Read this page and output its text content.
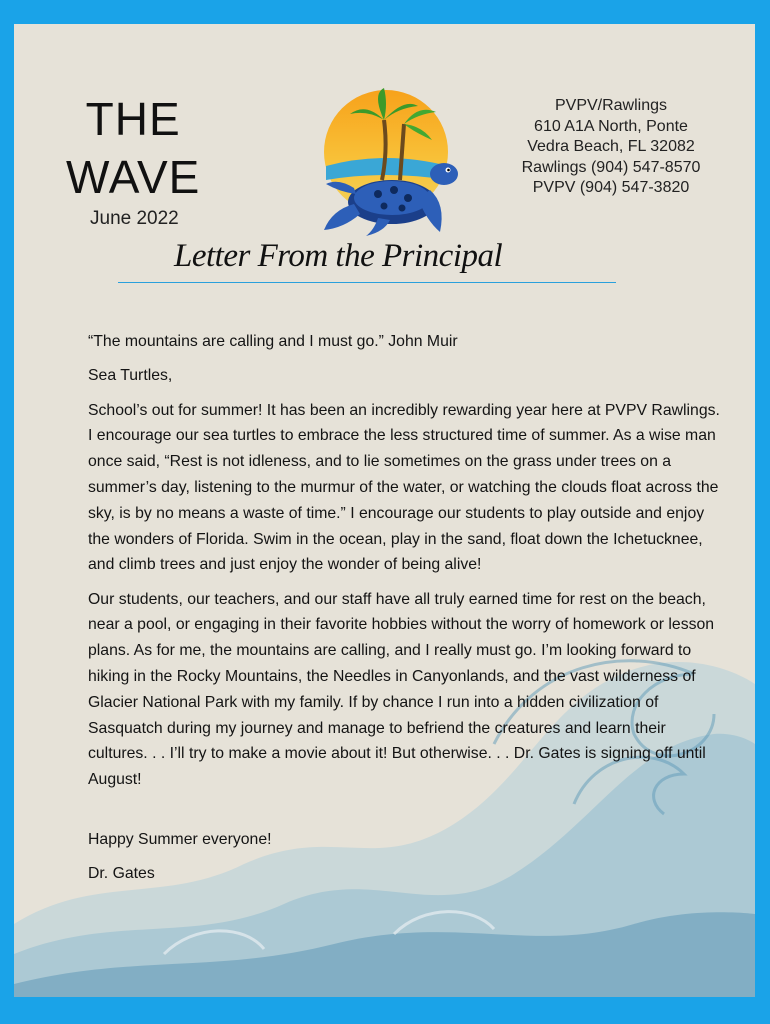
THE
WAVE
June 2022
PVPV/Rawlings
610 A1A North, Ponte
Vedra Beach, FL 32082
Rawlings (904) 547-8570
PVPV (904) 547-3820
Letter From the Principal

“The mountains are calling and I must go.” John Muir

Sea Turtles,

School’s out for summer! It has been an incredibly rewarding year here at PVPV Rawlings. I encourage our sea turtles to embrace the less structured time of summer. As a wise man once said, “Rest is not idleness, and to lie sometimes on the grass under trees on a summer’s day, listening to the murmur of the water, or watching the clouds float across the sky, is by no means a waste of time.” I encourage our students to play outside and enjoy the wonders of Florida. Swim in the ocean, play in the sand, float down the Ichetucknee, and climb trees and just enjoy the wonder of being alive!

Our students, our teachers, and our staff have all truly earned time for rest on the beach, near a pool, or engaging in their favorite hobbies without the worry of homework or lesson plans. As for me, the mountains are calling, and I really must go. I’m looking forward to hiking in the Rocky Mountains, the Needles in Canyonlands, and the vast wilderness of Glacier National Park with my family. If by chance I run into a hidden civilization of Sasquatch during my journey and manage to befriend the creatures and learn their cultures. . . I’ll try to make a movie about it! But otherwise. . . Dr. Gates is signing off until August!

Happy Summer everyone!

Dr. Gates
